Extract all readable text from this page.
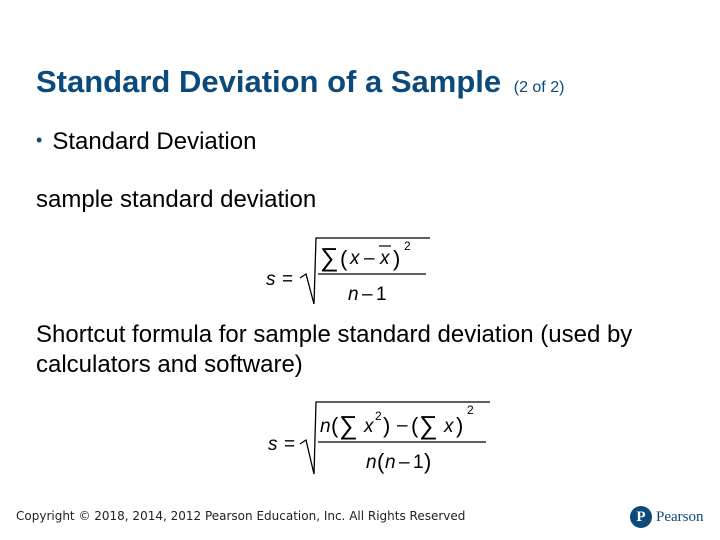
Standard Deviation of a Sample (2 of 2)
• Standard Deviation
sample standard deviation
s =
∑ ( x – x ) 2
n – 1
Shortcut formula for sample standard deviation (used by calculators and software)
s =
n ( ∑ x 2 ) – ( ∑ x )
2
n ( n – 1 )
Copyright © 2018, 2014, 2012 Pearson Education, Inc. All Rights Reserved	P Pearson
